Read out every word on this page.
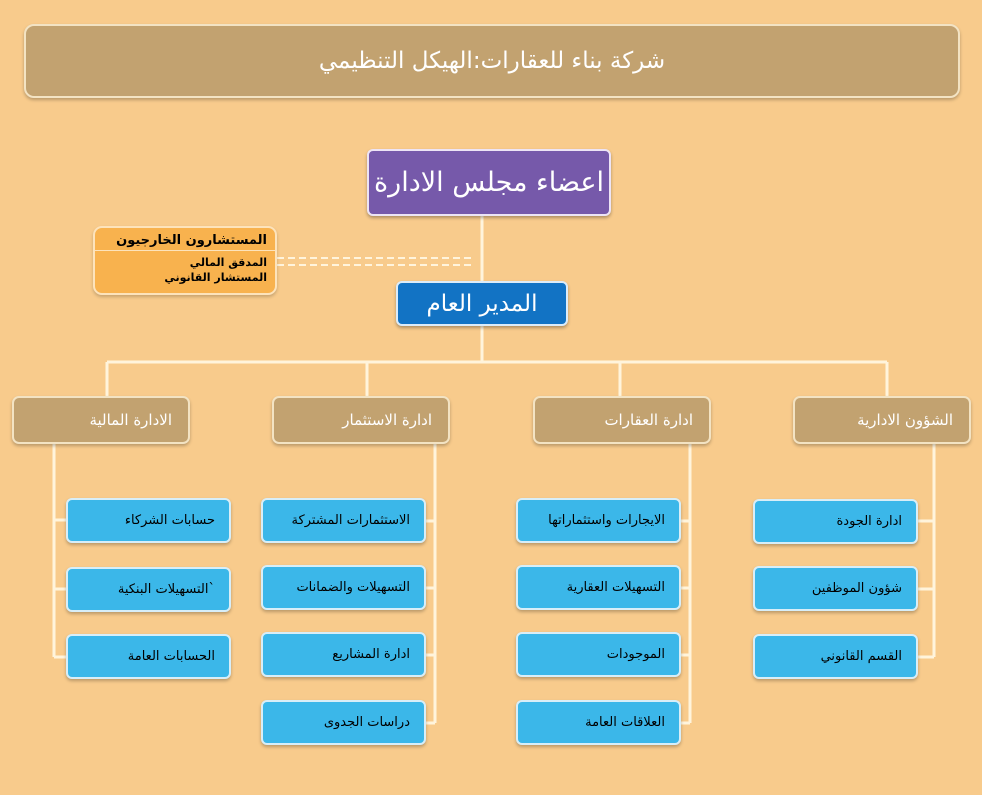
شركة بناء للعقارات:الهيكل التنظيمي
اعضاء مجلس الادارة
المدير العام
المستشارون الخارجيون
المدقق المالي
المستشار القانوني
الادارة المالية	ادارة الاستثمار	ادارة العقارات	الشؤون الادارية
حسابات الشركاء
`التسهيلات البنكية
الحسابات العامة
الاستثمارات المشتركة
التسهيلات والضمانات
ادارة المشاريع
دراسات الجدوى
الايجارات واستثماراتها
التسهيلات العقارية
الموجودات
العلاقات العامة
ادارة الجودة
شؤون الموظفين
القسم القانوني
